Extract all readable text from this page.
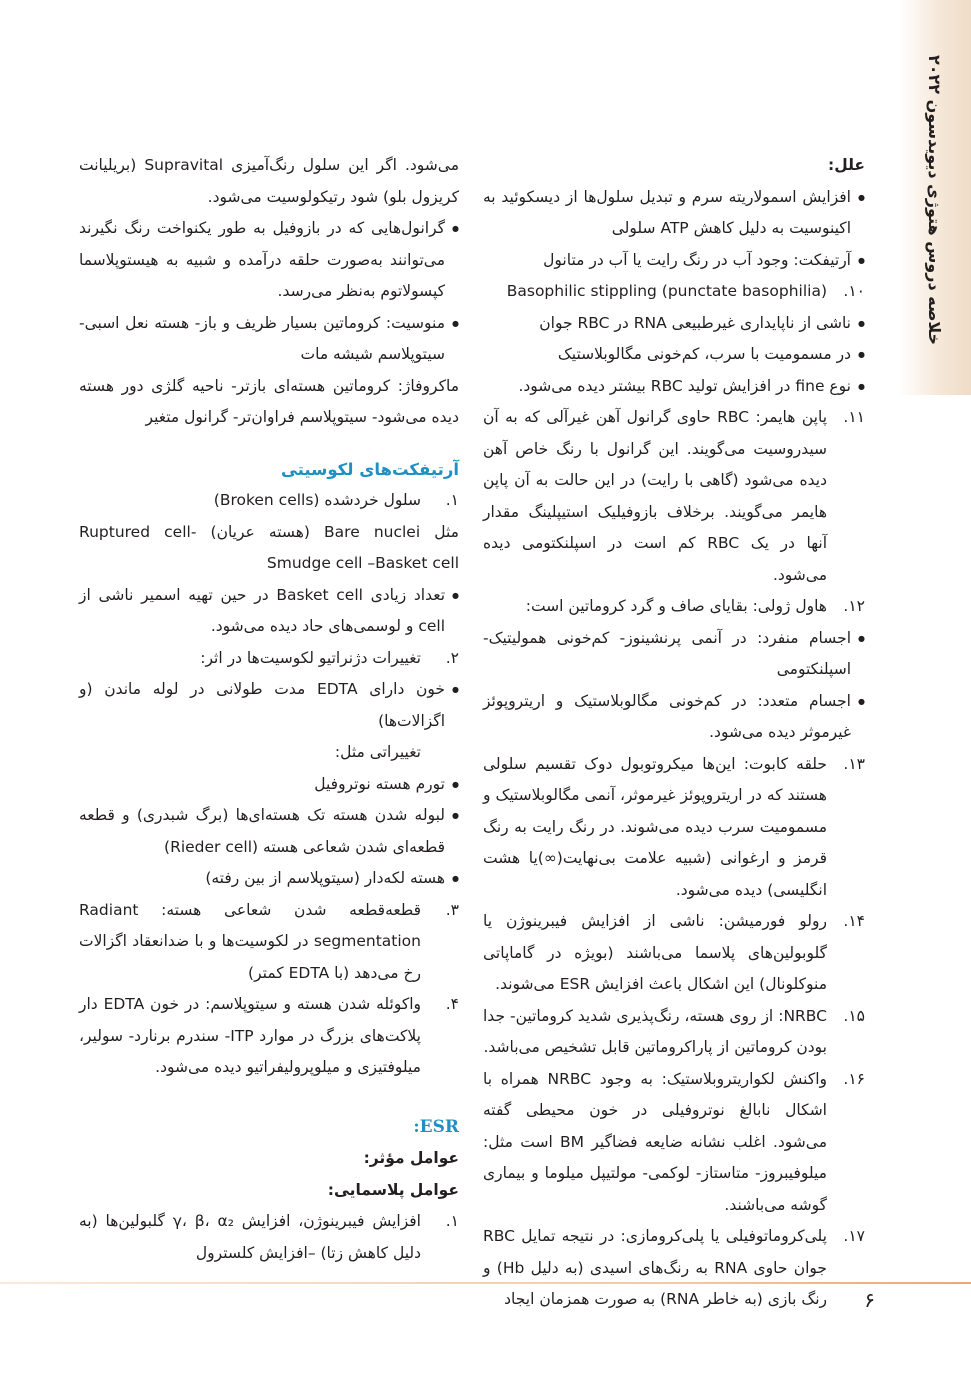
خلاصه دروس هتوژی دیویدسون ۲۰۲۲

علل:

● افزایش اسمولاریته سرم و تبدیل سلول‌ها از دیسکوئید به اکینوسیت به دلیل کاهش ATP سلولی

● آرتیفکت: وجود آب در رنگ رایت یا آب در متانول

۱۰.
Basophilic stippling (punctate basophilia)

● ناشی از ناپایداری غیرطبیعی RNA در RBC جوان

● در مسمومیت با سرب، کم‌خونی مگالوبلاستیک

● نوع fine در افزایش تولید RBC بیشتر دیده می‌شود.

۱۱.
پاپن هایمر: RBC حاوی گرانول آهن غیرآلی که به آن سیدروسیت می‌گویند. این گرانول با رنگ خاص آهن دیده می‌شود (گاهی با رایت) در این حالت به آن پاپن هایمر می‌گویند. برخلاف بازوفیلیک استیپلینگ مقدار آنها در یک RBC کم است در اسپلنکتومی دیده می‌شود.

۱۲.
هاول ژولی: بقایای صاف و گرد کروماتین است:

● اجسام منفرد: در آنمی پرنشینوز- کم‌خونی همولیتیک- اسپلنکتومی

● اجسام متعدد: در کم‌خونی مگالوبلاستیک و اریتروپوئز غیرموثر دیده می‌شود.

۱۳.
حلقه کابوت: این‌ها میکروتوبول دوک تقسیم سلولی هستند که در اریتروپوئز غیرموثر، آنمی مگالوبلاستیک و مسمومیت سرب دیده می‌شوند. در رنگ رایت به رنگ قرمز و ارغوانی (شبیه علامت بی‌نهایت(∞)یا هشت انگلیسی) دیده می‌شود.

۱۴.
رولو فورمیشن: ناشی از افزایش فیبرینوژن یا گلوبولین‌های پلاسما می‌باشند (بویژه در گاماپاتی منوکلونال) این اشکال باعث افزایش ESR می‌شوند.

۱۵.
NRBC: از روی هسته، رنگ‌پذیری شدید کروماتین- جدا بودن کروماتین از پاراکروماتین قابل تشخیص می‌باشد.

۱۶.
واکنش لکواریتروبلاستیک: به وجود NRBC همراه با اشکال نابالغ نوتروفیلی در خون محیطی گفته می‌شود. اغلب نشانه ضایعه فضاگیر BM است مثل: میلوفیبروز- متاستاز- لوکمی- مولتیپل میلوما و بیماری گوشه می‌باشند.

۱۷.
پلی‌کروماتوفیلی یا پلی‌کرومازی: در نتیجه تمایل RBC جوان حاوی RNA به رنگ‌های اسیدی (به دلیل Hb) و رنگ بازی (به خاطر RNA) به صورت همزمان ایجاد

می‌شود. اگر این سلول رنگ‌آمیزی Supravital (بریلیانت کریزول بلو) شود رتیکولوسیت می‌شود.

● گرانول‌هایی که در بازوفیل به طور یکنواخت رنگ نگیرند می‌توانند به‌صورت حلقه درآمده و شبیه به هیستوپلاسما کپسولاتوم به‌نظر می‌رسد.

● منوسیت: کروماتین بسیار ظریف و باز- هسته نعل اسبی- سیتوپلاسم شیشه مات

ماکروفاژ: کروماتین هسته‌ای بازتر- ناحیه گلژی دور هسته دیده می‌شود- سیتوپلاسم فراوان‌تر- گرانول متغیر

آرتیفکت‌های لکوسیتی

۱.
سلول خردشده (Broken cells)

مثل Bare nuclei (هسته عریان) Ruptured cell- Smudge cell –Basket cell

● تعداد زیادی Basket cell در حین تهیه اسمیر ناشی از cell و لوسمی‌های حاد دیده می‌شود.

۲.
تغییرات دژنراتیو لکوسیت‌ها در اثر:

● خون دارای EDTA مدت طولانی در لوله ماندن (و اگزالات‌ها)

تغییراتی مثل:

● تورم هسته نوتروفیل

● لبوله شدن هسته تک هسته‌ای‌ها (برگ شبدری) و قطعه قطعه‌ای شدن شعاعی هسته (Rieder cell)

● هسته لکه‌دار (سیتوپلاسم از بین رفته)

۳.
قطعه‌قطعه شدن شعاعی هسته: Radiant segmentation در لکوسیت‌ها و با ضدانعقاد اگزالات رخ می‌دهد (با EDTA کمتر)

۴.
واکوئله شدن هسته و سیتوپلاسم: در خون EDTA دار پلاکت‌های بزرگ در موارد ITP- سندرم برنارد- سولیر، میلوفتیزی و میلوپرولیفراتیو دیده می‌شود.

ESR:

عوامل مؤثر:

عوامل پلاسمایی:

۱.
افزایش فیبرینوژن، افزایش γ، β، α₂ گلبولین‌ها (به دلیل کاهش زتا) –افزایش کلسترول

۶
